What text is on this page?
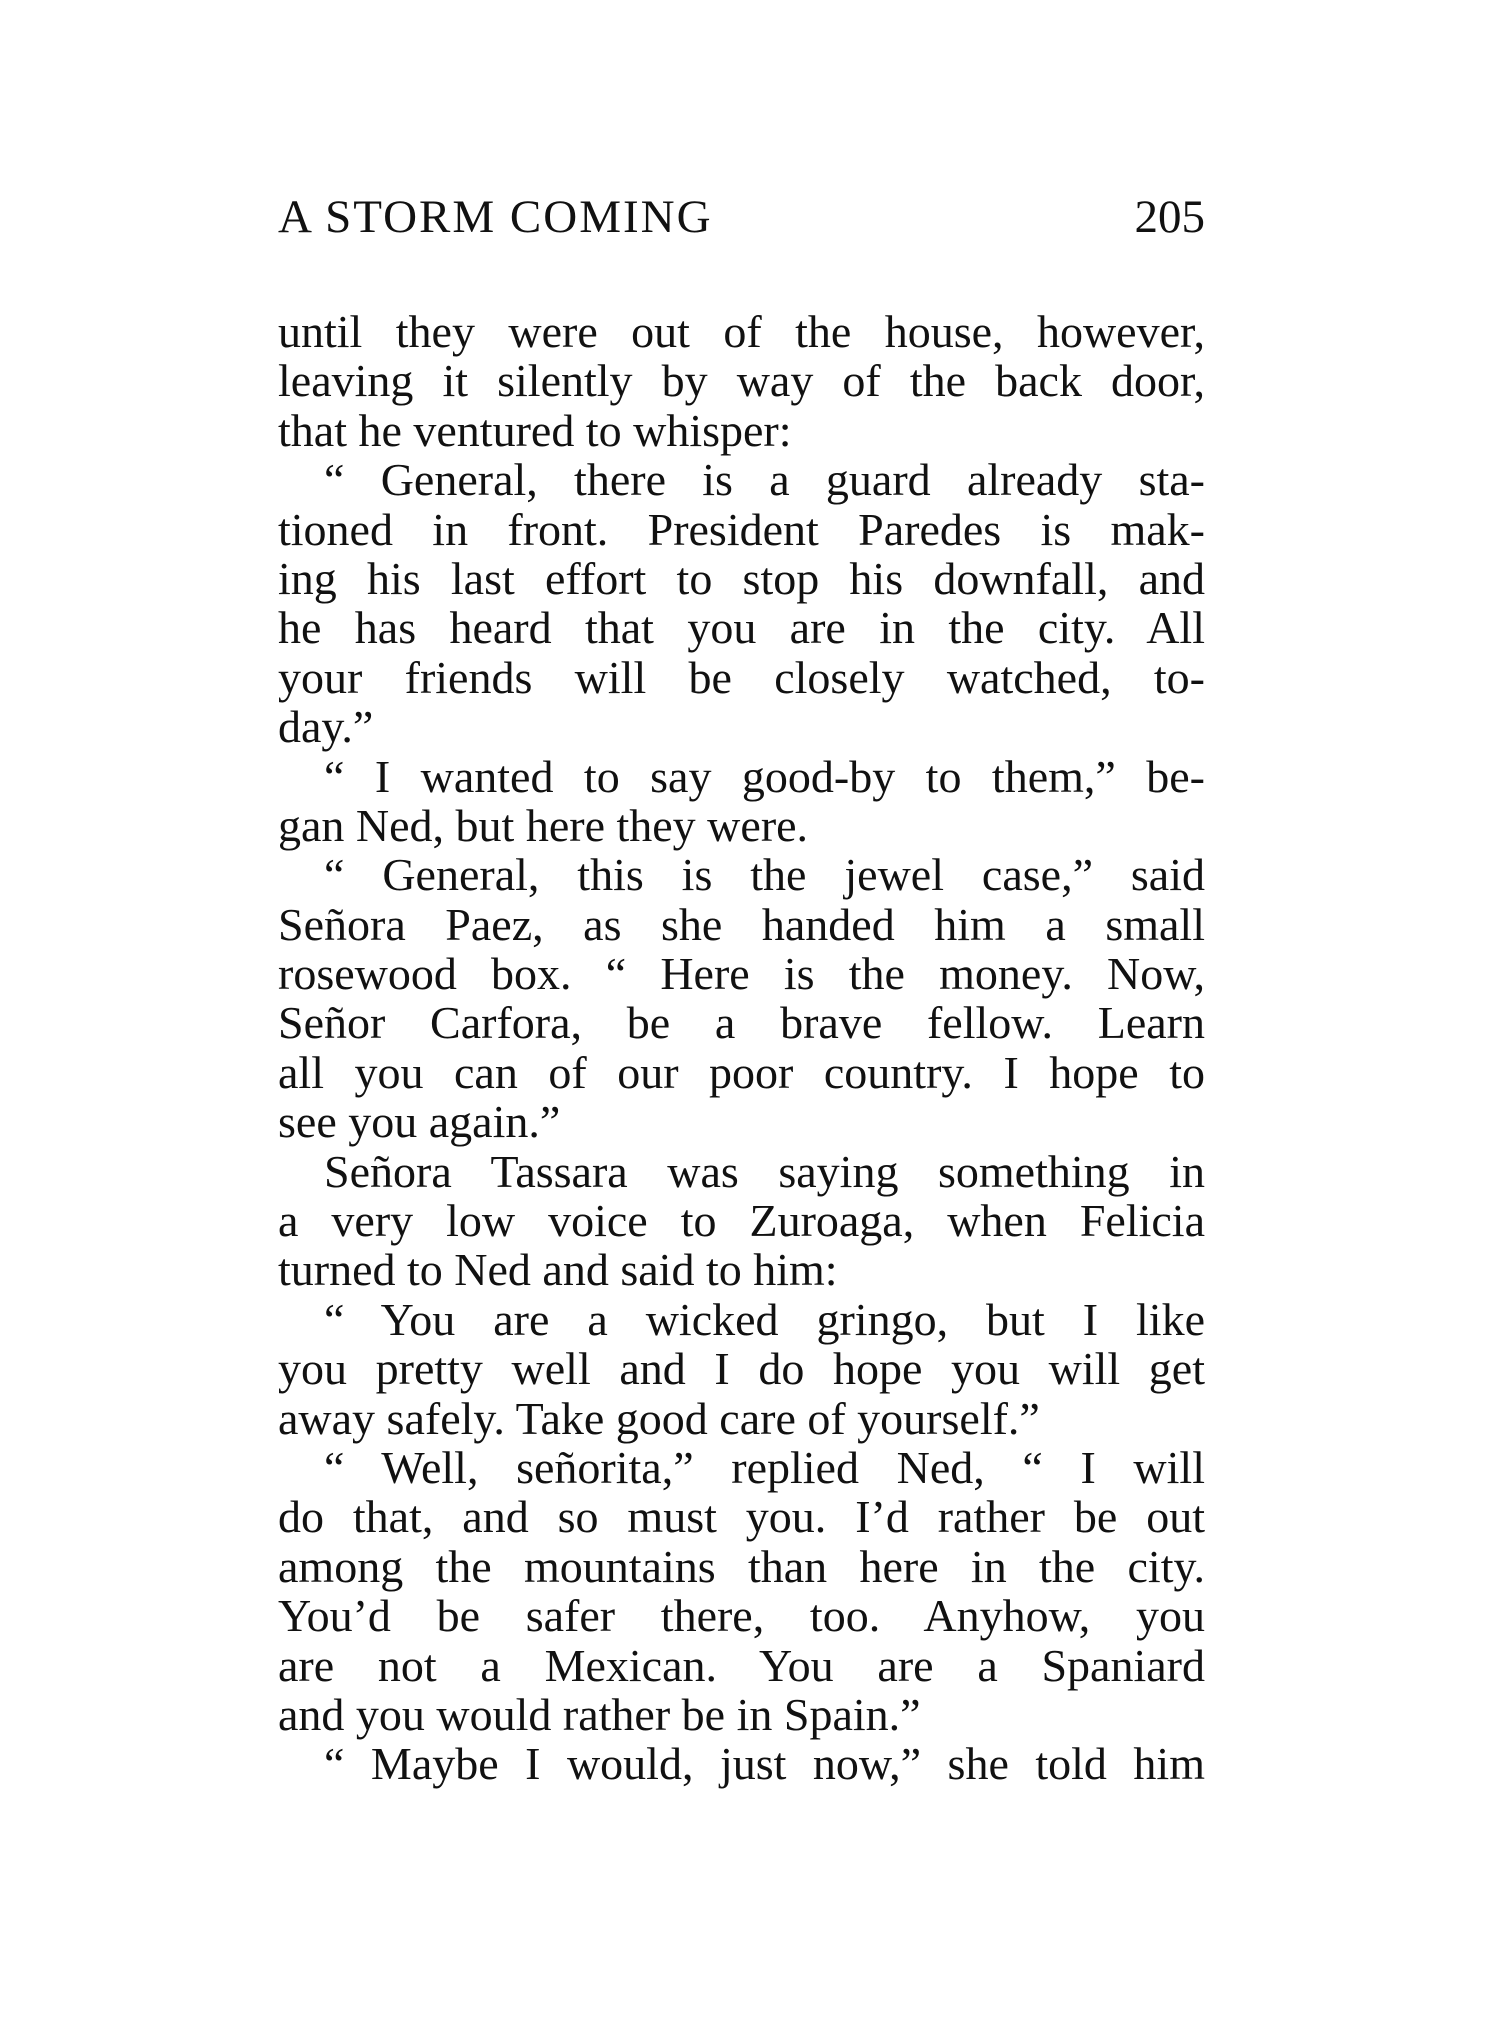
A STORM COMING	205
until they were out of the house, however,
leaving it silently by way of the back door,
that he ventured to whisper:
“ General, there is a guard already sta-
tioned in front. President Paredes is mak-
ing his last effort to stop his downfall, and
he has heard that you are in the city. All
your friends will be closely watched, to-
day.”
“ I wanted to say good-by to them,” be-
gan Ned, but here they were.
“ General, this is the jewel case,” said
Señora Paez, as she handed him a small
rosewood box. “ Here is the money. Now,
Señor Carfora, be a brave fellow. Learn
all you can of our poor country. I hope to
see you again.”
Señora Tassara was saying something in
a very low voice to Zuroaga, when Felicia
turned to Ned and said to him:
“ You are a wicked gringo, but I like
you pretty well and I do hope you will get
away safely. Take good care of yourself.”
“ Well, señorita,” replied Ned, “ I will
do that, and so must you. I’d rather be out
among the mountains than here in the city.
You’d be safer there, too. Anyhow, you
are not a Mexican. You are a Spaniard
and you would rather be in Spain.”
“ Maybe I would, just now,” she told him
